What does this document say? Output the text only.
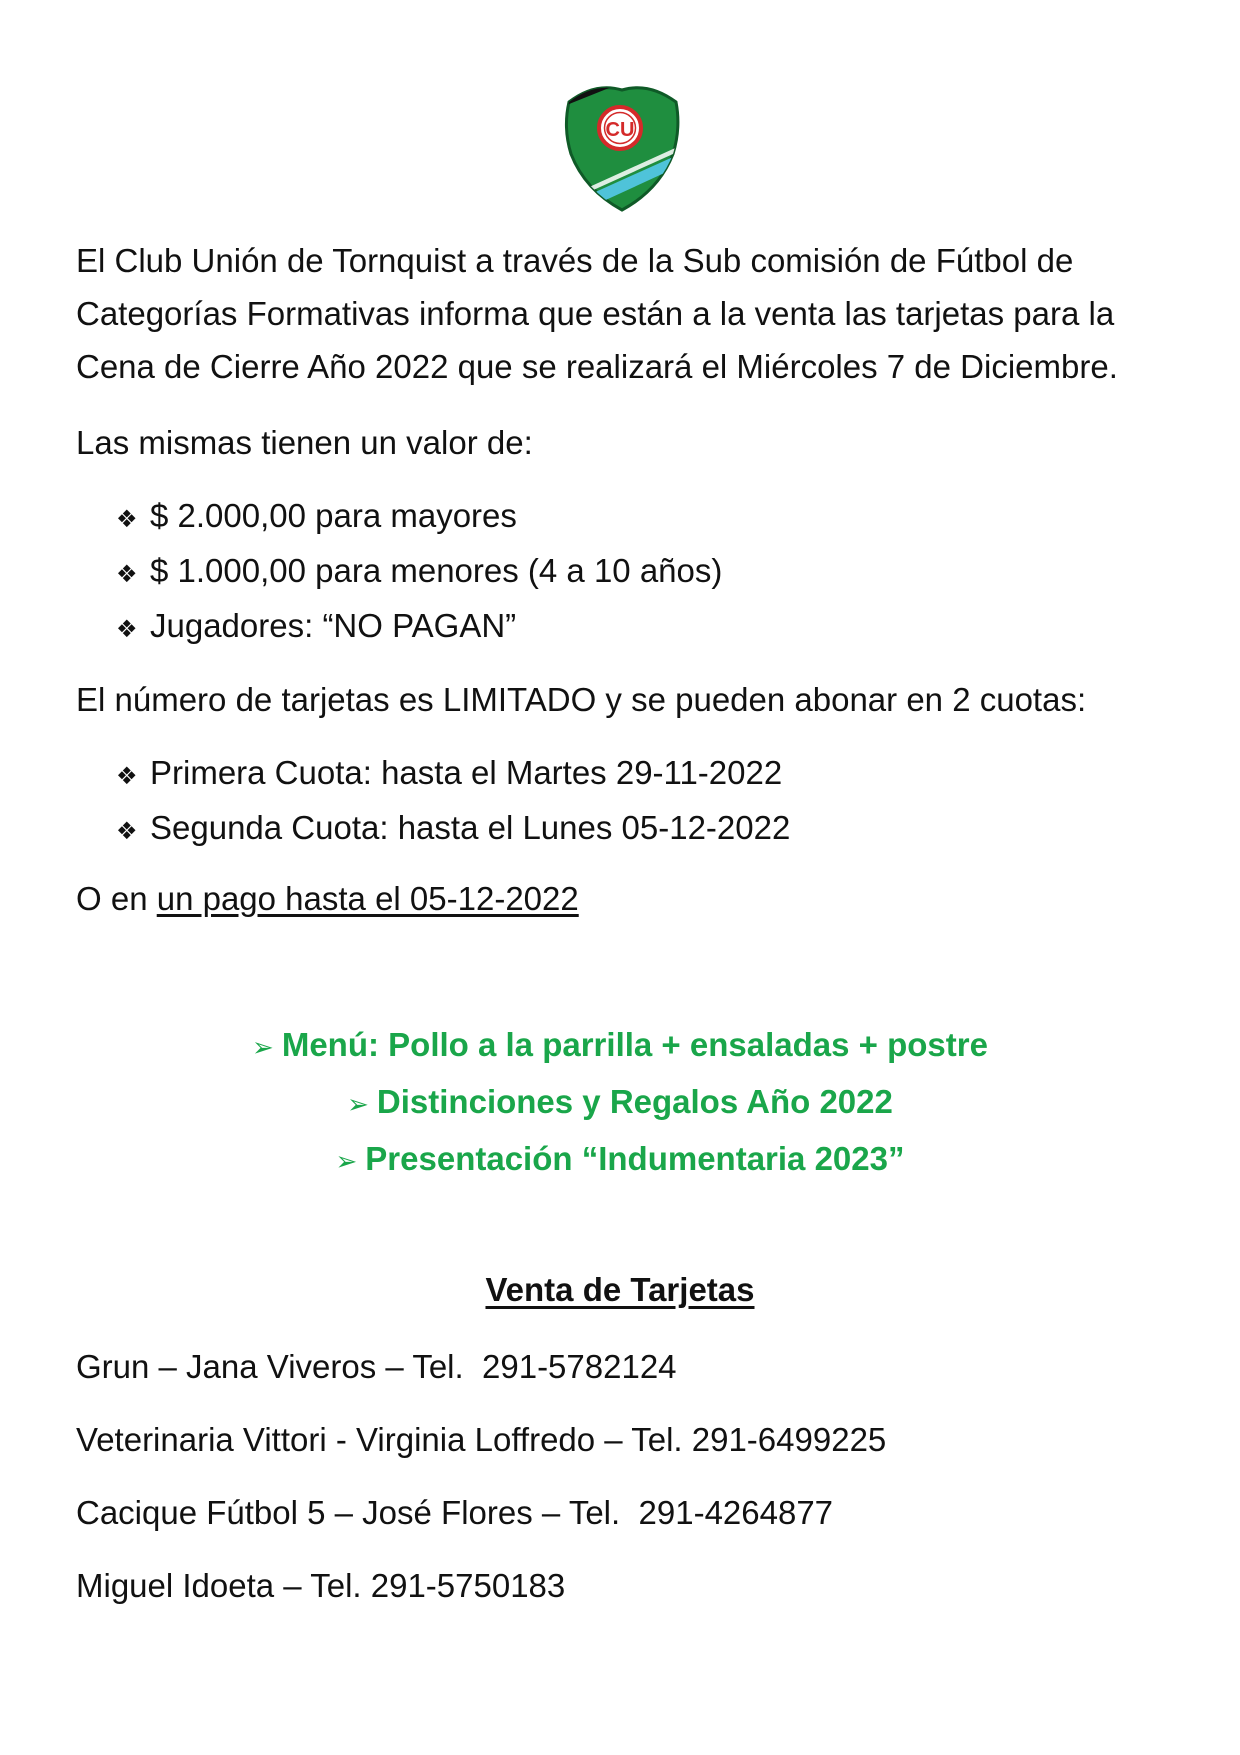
CU
El Club Unión de Tornquist a través de la Sub comisión de Fútbol de Categorías Formativas informa que están a la venta las tarjetas para la Cena de Cierre Año 2022 que se realizará el Miércoles 7 de Diciembre.
Las mismas tienen un valor de:
❖ $ 2.000,00 para mayores
❖ $ 1.000,00 para menores (4 a 10 años)
❖ Jugadores: “NO PAGAN”
El número de tarjetas es LIMITADO y se pueden abonar en 2 cuotas:
❖ Primera Cuota: hasta el Martes 29-11-2022
❖ Segunda Cuota: hasta el Lunes 05-12-2022
O en un pago hasta el 05-12-2022
➢ Menú: Pollo a la parrilla + ensaladas + postre
➢ Distinciones y Regalos Año 2022
➢ Presentación “Indumentaria 2023”
Venta de Tarjetas
Grun – Jana Viveros – Tel.  291-5782124
Veterinaria Vittori - Virginia Loffredo – Tel. 291-6499225
Cacique Fútbol 5 – José Flores – Tel.  291-4264877
Miguel Idoeta – Tel. 291-5750183
